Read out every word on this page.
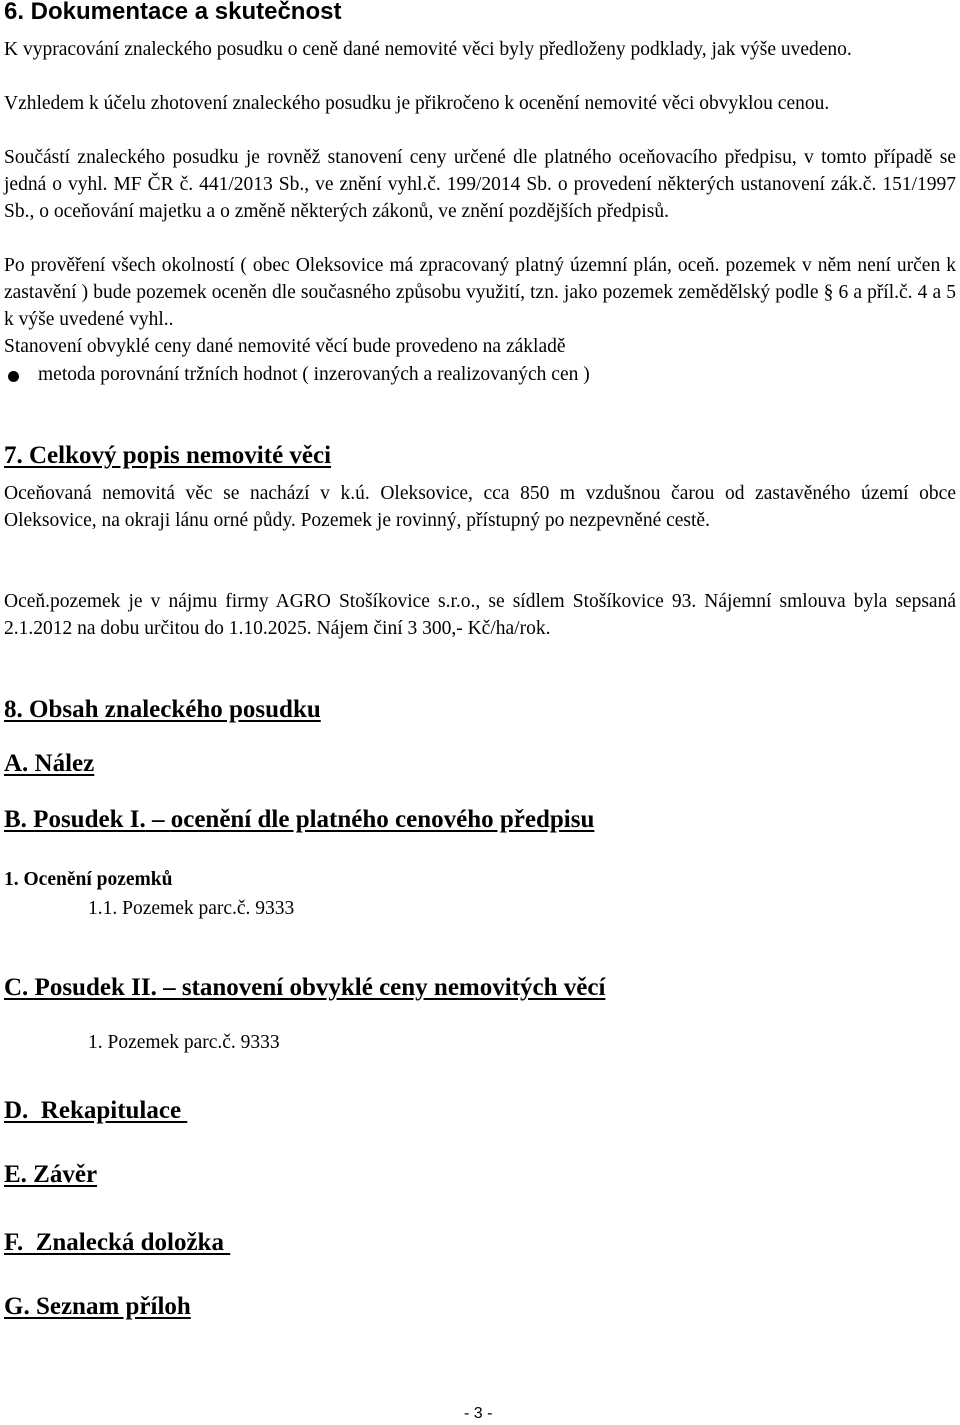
6. Dokumentace a skutečnost
K vypracování znaleckého posudku o ceně dané nemovité věci byly předloženy podklady, jak výše uvedeno.
Vzhledem k účelu zhotovení znaleckého posudku je přikročeno k ocenění nemovité věci obvyklou cenou.
Součástí znaleckého posudku je rovněž stanovení ceny určené dle platného oceňovacího předpisu, v tomto případě se jedná o vyhl. MF ČR č. 441/2013 Sb., ve znění vyhl.č. 199/2014 Sb. o provedení některých ustanovení zák.č. 151/1997 Sb., o oceňování majetku a o změně některých zákonů, ve znění pozdějších předpisů.
Po prověření všech okolností ( obec Oleksovice má zpracovaný platný územní plán, oceň. pozemek v něm není určen k zastavění ) bude pozemek oceněn dle současného způsobu využití, tzn. jako pozemek zemědělský podle § 6 a příl.č. 4 a 5 k výše uvedené vyhl..
Stanovení obvyklé ceny dané nemovité věcí bude provedeno na základě
metoda porovnání tržních hodnot ( inzerovaných a realizovaných cen )
7. Celkový popis nemovité věci
Oceňovaná nemovitá věc se nachází v k.ú. Oleksovice, cca 850 m vzdušnou čarou od zastavěného území obce Oleksovice, na okraji lánu orné půdy. Pozemek je rovinný, přístupný po nezpevněné cestě.
Oceň.pozemek je v nájmu firmy AGRO Stošíkovice s.r.o., se sídlem Stošíkovice 93. Nájemní smlouva byla sepsaná 2.1.2012 na dobu určitou do 1.10.2025. Nájem činí 3 300,- Kč/ha/rok.
8. Obsah znaleckého posudku
A. Nález
B. Posudek I. – ocenění dle platného cenového předpisu
1. Ocenění pozemků
1.1. Pozemek parc.č. 9333
C. Posudek II. – stanovení obvyklé ceny nemovitých věcí
1. Pozemek parc.č. 9333
D.  Rekapitulace
E. Závěr
F.  Znalecká doložka
G. Seznam příloh
- 3 -
